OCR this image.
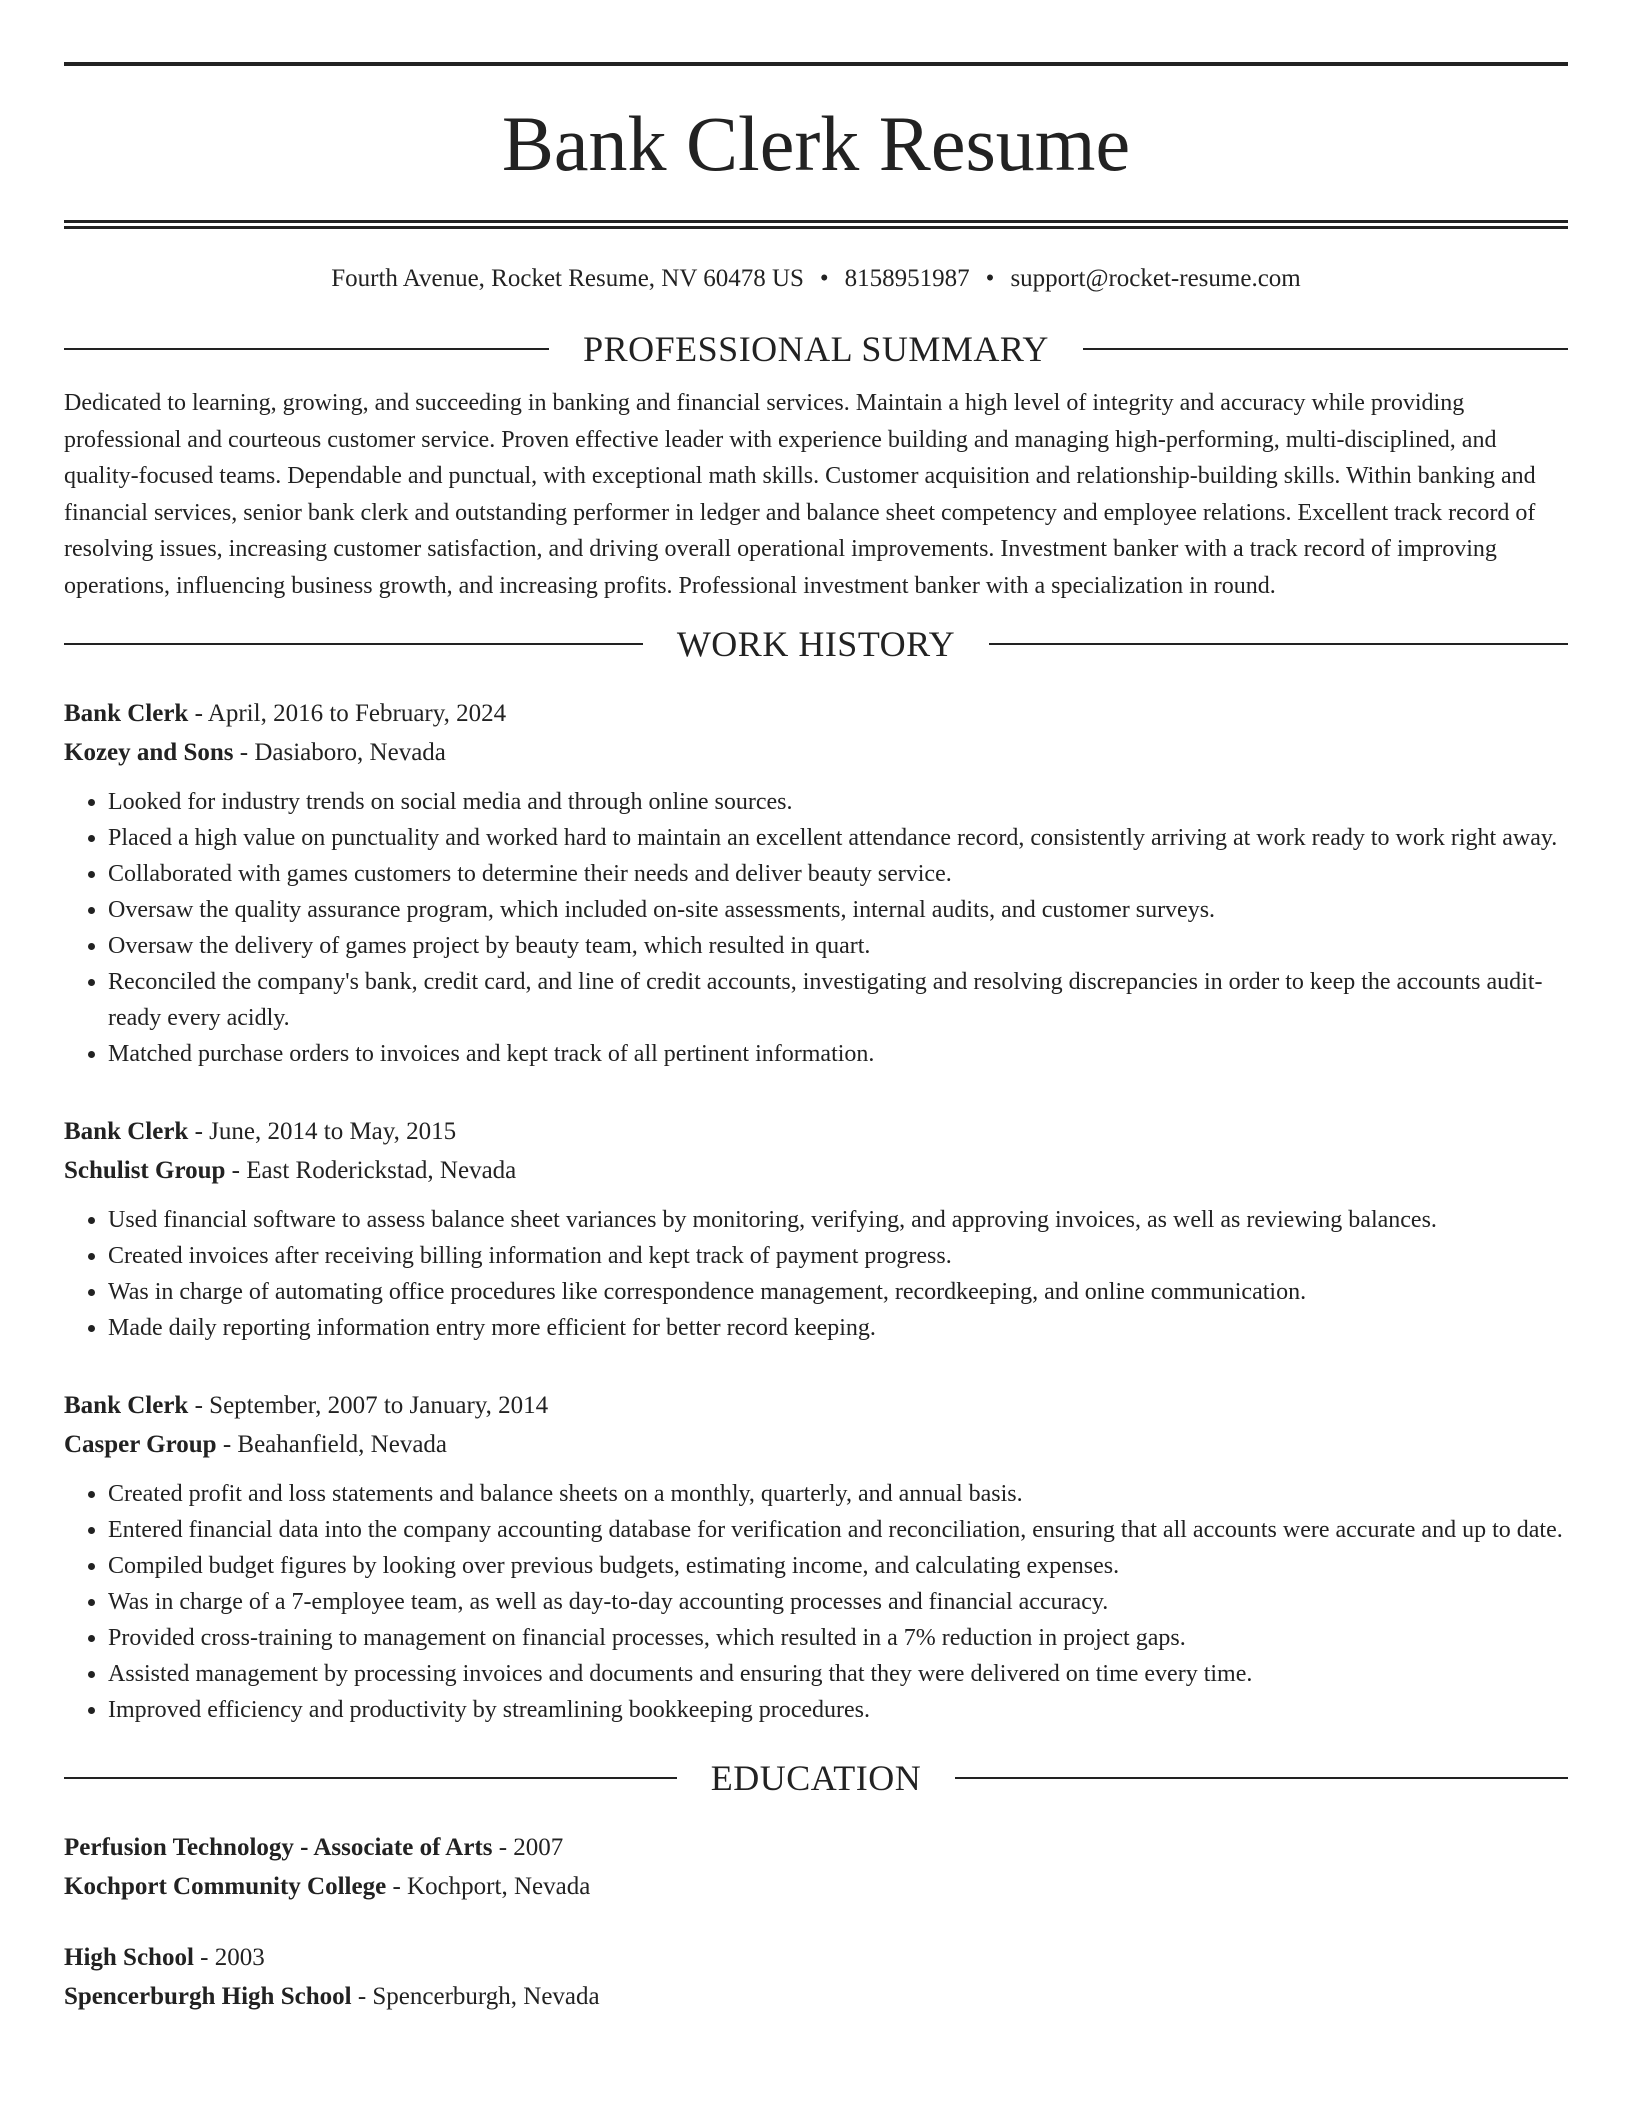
Bank Clerk Resume
Fourth Avenue, Rocket Resume, NV 60478 US • 8158951987 • support@rocket-resume.com
PROFESSIONAL SUMMARY

Dedicated to learning, growing, and succeeding in banking and financial services. Maintain a high level of integrity and accuracy while providing professional and courteous customer service. Proven effective leader with experience building and managing high-performing, multi-disciplined, and quality-focused teams. Dependable and punctual, with exceptional math skills. Customer acquisition and relationship-building skills. Within banking and financial services, senior bank clerk and outstanding performer in ledger and balance sheet competency and employee relations. Excellent track record of resolving issues, increasing customer satisfaction, and driving overall operational improvements. Investment banker with a track record of improving operations, influencing business growth, and increasing profits. Professional investment banker with a specialization in round.

WORK HISTORY
Bank Clerk - April, 2016 to February, 2024
Kozey and Sons - Dasiaboro, Nevada
• Looked for industry trends on social media and through online sources.
• Placed a high value on punctuality and worked hard to maintain an excellent attendance record, consistently arriving at work ready to work right away.
• Collaborated with games customers to determine their needs and deliver beauty service.
• Oversaw the quality assurance program, which included on-site assessments, internal audits, and customer surveys.
• Oversaw the delivery of games project by beauty team, which resulted in quart.
• Reconciled the company's bank, credit card, and line of credit accounts, investigating and resolving discrepancies in order to keep the accounts audit-ready every acidly.
• Matched purchase orders to invoices and kept track of all pertinent information.
Bank Clerk - June, 2014 to May, 2015
Schulist Group - East Roderickstad, Nevada
• Used financial software to assess balance sheet variances by monitoring, verifying, and approving invoices, as well as reviewing balances.
• Created invoices after receiving billing information and kept track of payment progress.
• Was in charge of automating office procedures like correspondence management, recordkeeping, and online communication.
• Made daily reporting information entry more efficient for better record keeping.
Bank Clerk - September, 2007 to January, 2014
Casper Group - Beahanfield, Nevada
• Created profit and loss statements and balance sheets on a monthly, quarterly, and annual basis.
• Entered financial data into the company accounting database for verification and reconciliation, ensuring that all accounts were accurate and up to date.
• Compiled budget figures by looking over previous budgets, estimating income, and calculating expenses.
• Was in charge of a 7-employee team, as well as day-to-day accounting processes and financial accuracy.
• Provided cross-training to management on financial processes, which resulted in a 7% reduction in project gaps.
• Assisted management by processing invoices and documents and ensuring that they were delivered on time every time.
• Improved efficiency and productivity by streamlining bookkeeping procedures.
EDUCATION
Perfusion Technology - Associate of Arts - 2007
Kochport Community College - Kochport, Nevada
High School - 2003
Spencerburgh High School - Spencerburgh, Nevada
